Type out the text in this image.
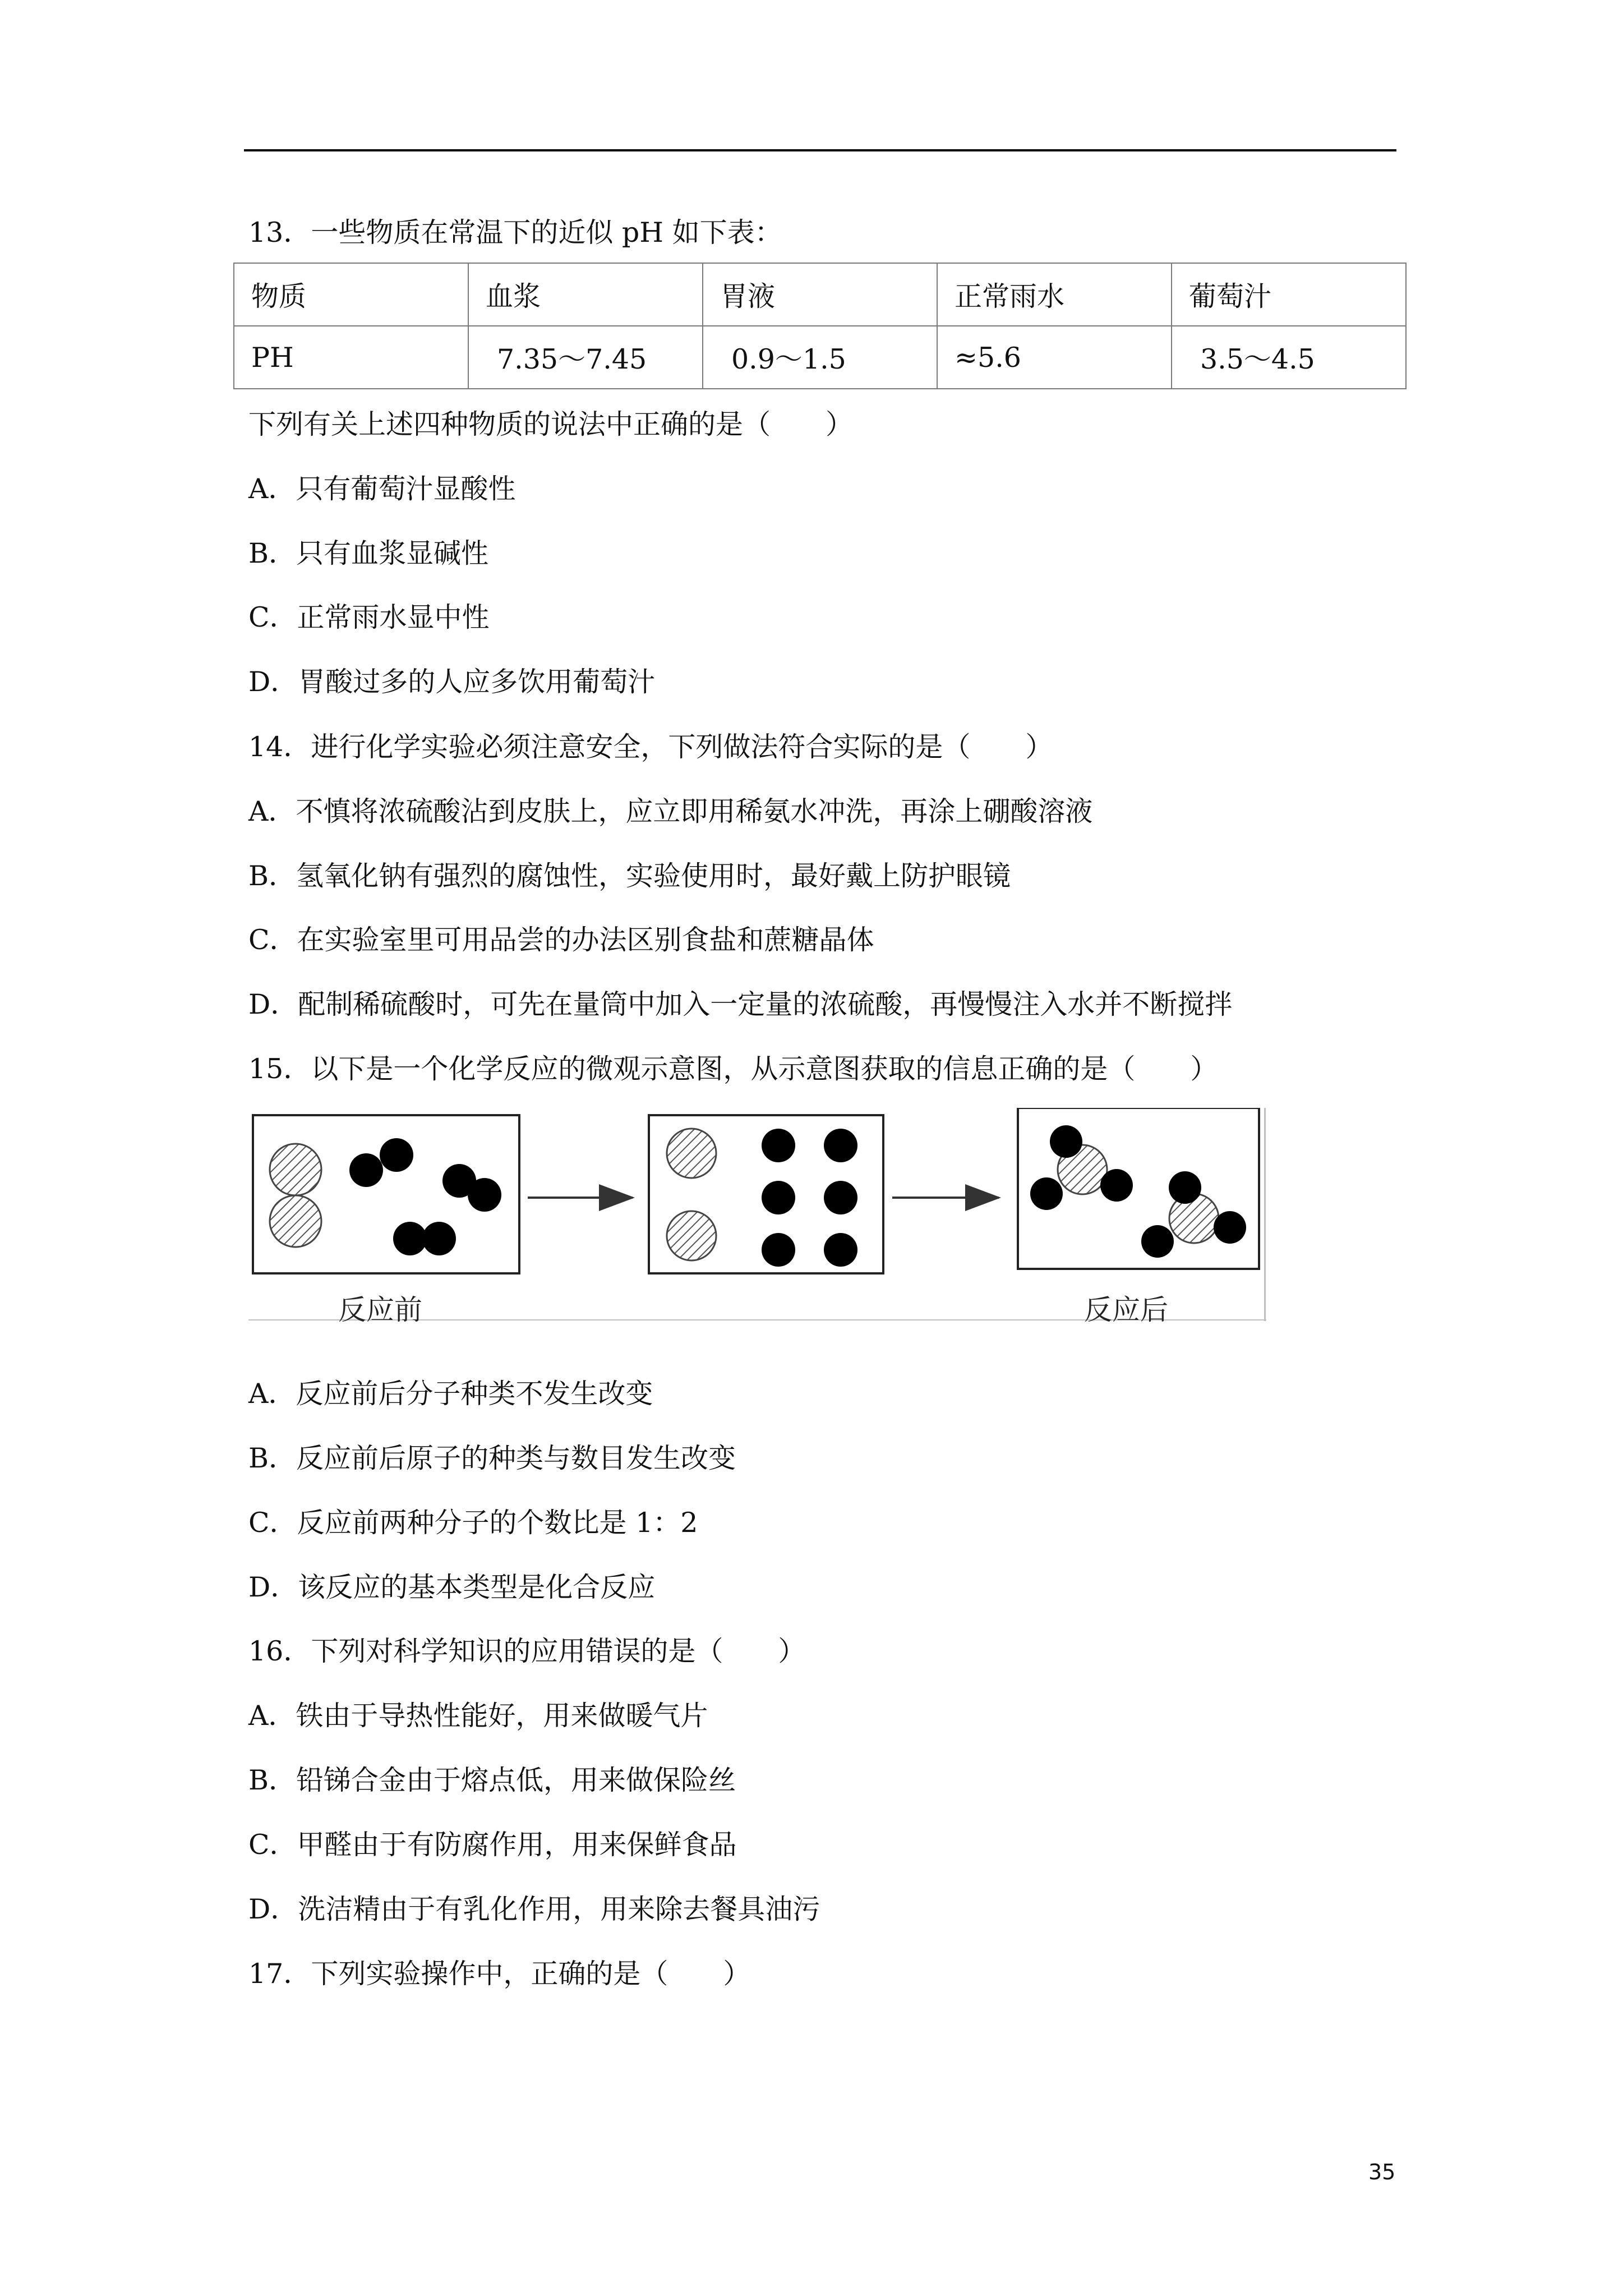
13．一些物质在常温下的近似 pH 如下表：
物质	血浆	胃液	正常雨水	葡萄汁
PH	7.35～7.45	0.9～1.5	≈5.6	3.5～4.5
下列有关上述四种物质的说法中正确的是（　　）
A．只有葡萄汁显酸性
B．只有血浆显碱性
C．正常雨水显中性
D．胃酸过多的人应多饮用葡萄汁
14．进行化学实验必须注意安全，下列做法符合实际的是（　　）
A．不慎将浓硫酸沾到皮肤上，应立即用稀氨水冲洗，再涂上硼酸溶液
B．氢氧化钠有强烈的腐蚀性，实验使用时，最好戴上防护眼镜
C．在实验室里可用品尝的办法区别食盐和蔗糖晶体
D．配制稀硫酸时，可先在量筒中加入一定量的浓硫酸，再慢慢注入水并不断搅拌
15．以下是一个化学反应的微观示意图，从示意图获取的信息正确的是（　　）
反应前	反应后
A．反应前后分子种类不发生改变
B．反应前后原子的种类与数目发生改变
C．反应前两种分子的个数比是 1：2
D．该反应的基本类型是化合反应
16．下列对科学知识的应用错误的是（　　）
A．铁由于导热性能好，用来做暖气片
B．铅锑合金由于熔点低，用来做保险丝
C．甲醛由于有防腐作用，用来保鲜食品
D．洗洁精由于有乳化作用，用来除去餐具油污
17．下列实验操作中，正确的是（　　）
35
